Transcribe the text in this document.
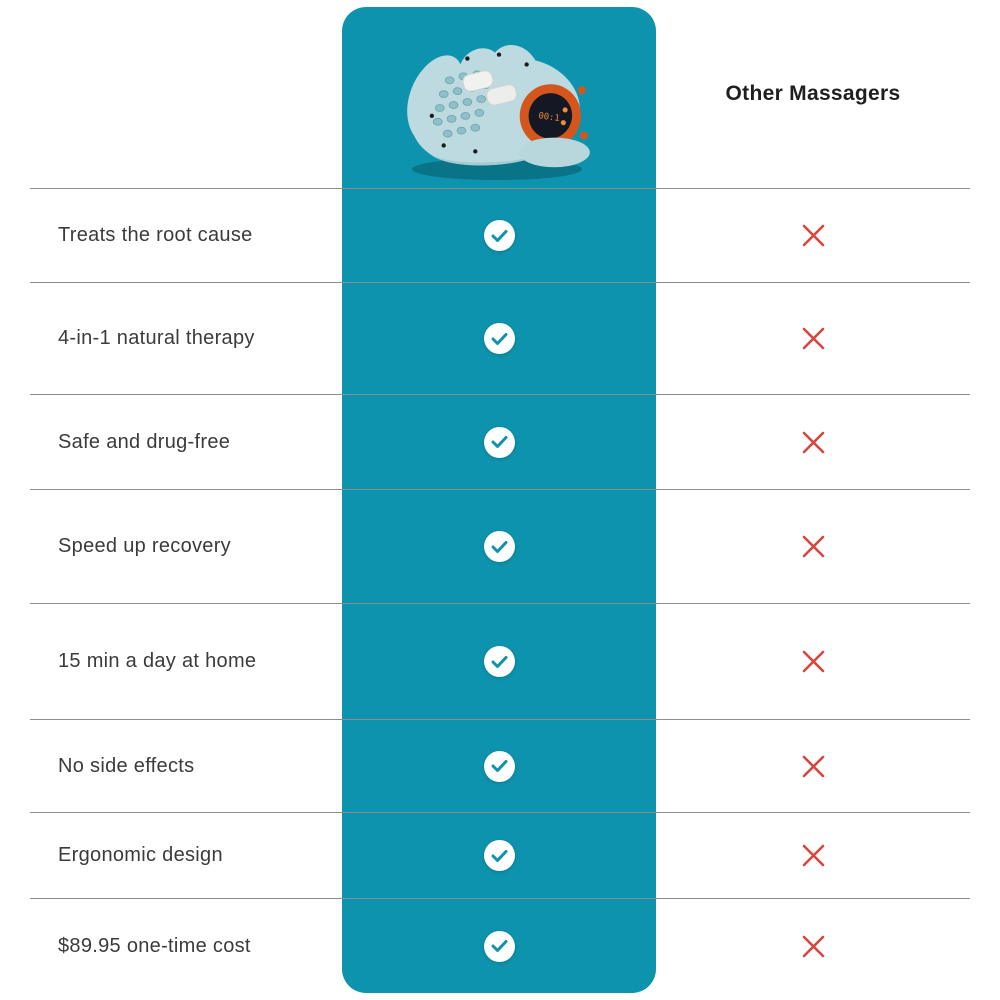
00:1
Other Massagers
Treats the root cause
4-in-1 natural therapy
Safe and drug-free
Speed up recovery
15 min a day at home
No side effects
Ergonomic design
$89.95 one-time cost
